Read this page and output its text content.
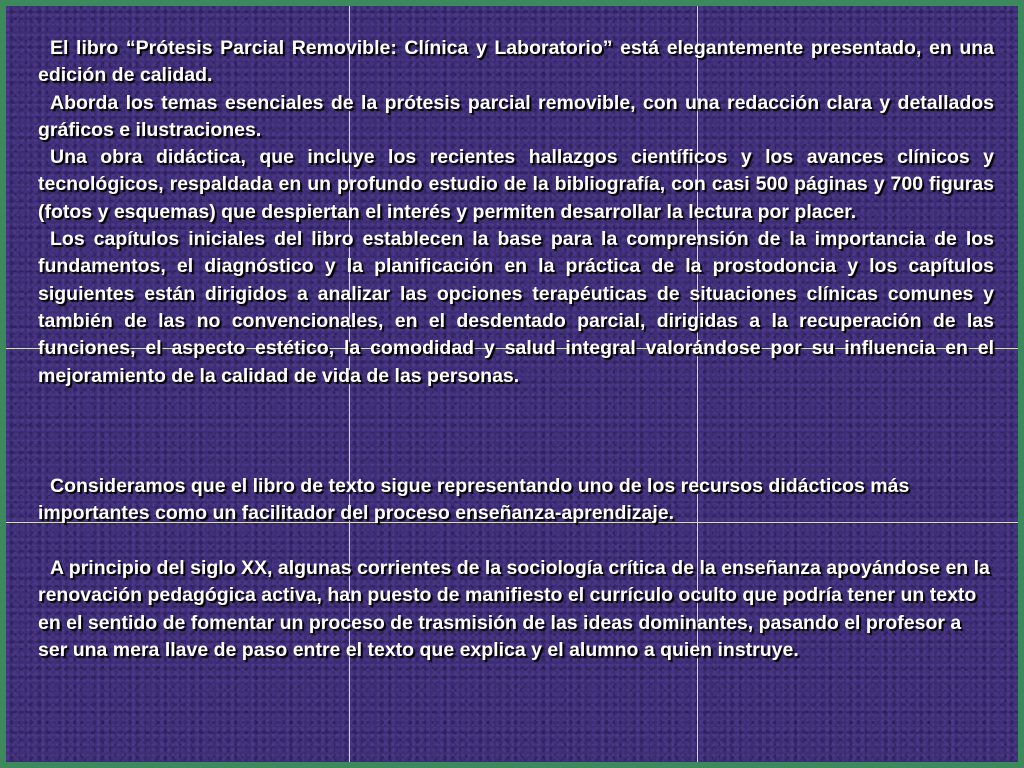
El libro “Prótesis Parcial Removible: Clínica y Laboratorio” está elegantemente presentado, en una edición de calidad.

Aborda los temas esenciales de la prótesis parcial removible, con una redacción clara y detallados gráficos e ilustraciones.

Una obra didáctica, que incluye los recientes hallazgos científicos y los avances clínicos y tecnológicos, respaldada en un profundo estudio de la bibliografía, con casi 500 páginas y 700 figuras (fotos y esquemas) que despiertan el interés y permiten desarrollar la lectura por placer.

Los capítulos iniciales del libro establecen la base para la comprensión de la importancia de los fundamentos, el diagnóstico y la planificación en la práctica de la prostodoncia y los capítulos siguientes están dirigidos a analizar las opciones terapéuticas de situaciones clínicas comunes y también de las no convencionales, en el desdentado parcial, dirigidas a la recuperación de las funciones, el aspecto estético, la comodidad y salud integral valorándose por su influencia en el mejoramiento de la calidad de vida de las personas.

Consideramos que el libro de texto sigue representando uno de los recursos didácticos más importantes como un facilitador del proceso enseñanza-aprendizaje.

A principio del siglo XX, algunas corrientes de la sociología crítica de la enseñanza apoyándose en la renovación pedagógica activa, han puesto de manifiesto el currículo oculto que podría tener un texto en el sentido de fomentar un proceso de trasmisión de las ideas dominantes, pasando el profesor a ser una mera llave de paso entre el texto que explica y el alumno a quien instruye.
